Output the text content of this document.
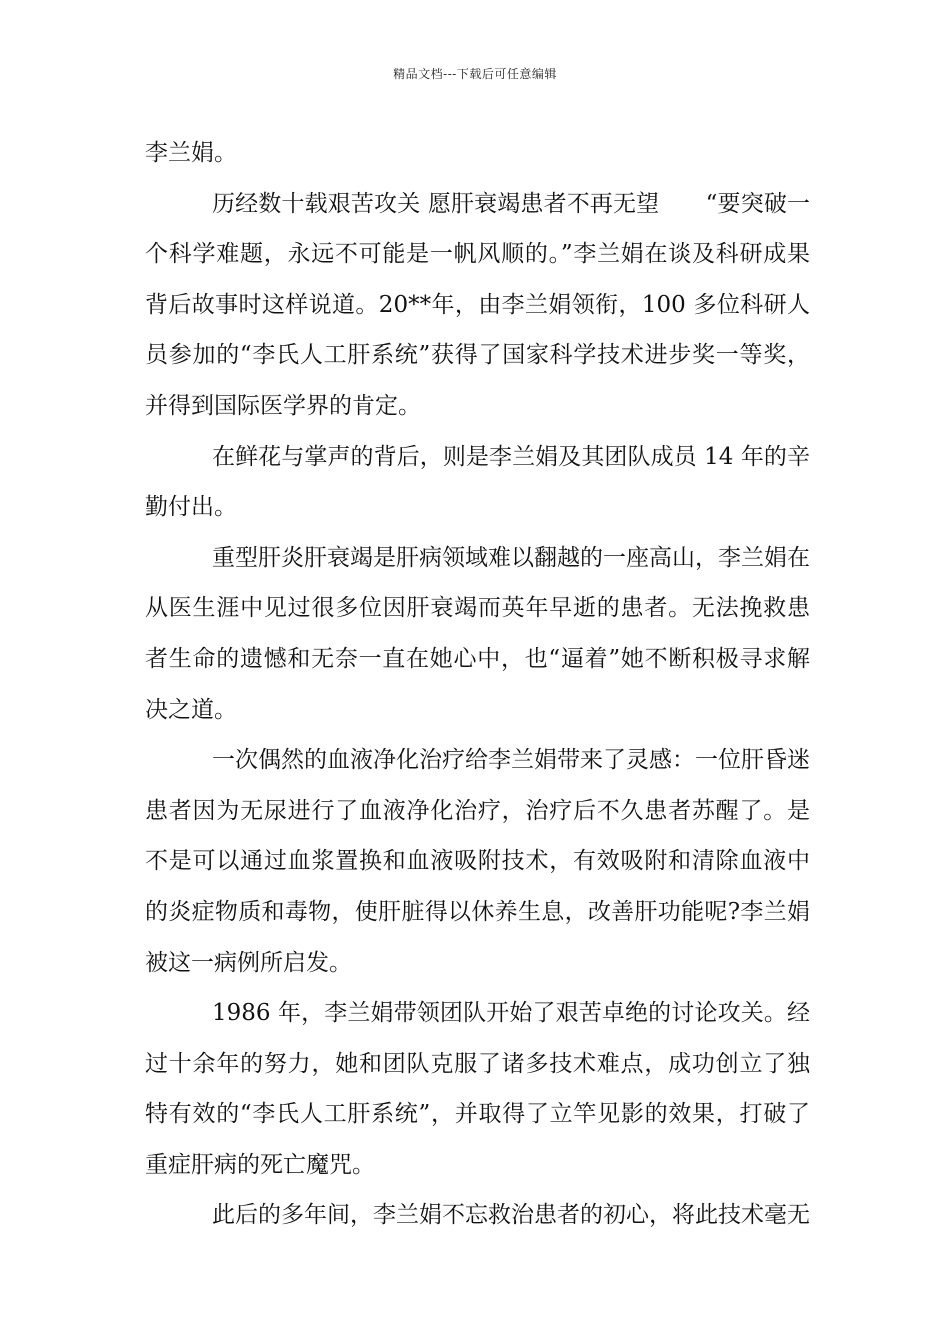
精品文档---下载后可任意编辑

李兰娟。

历经数十载艰苦攻关 愿肝衰竭患者不再无望　　“要突破一个科学难题，永远不可能是一帆风顺的。”李兰娟在谈及科研成果背后故事时这样说道。20**年，由李兰娟领衔，100 多位科研人员参加的“李氏人工肝系统”获得了国家科学技术进步奖一等奖，并得到国际医学界的肯定。

在鲜花与掌声的背后，则是李兰娟及其团队成员 14 年的辛勤付出。

重型肝炎肝衰竭是肝病领域难以翻越的一座高山，李兰娟在从医生涯中见过很多位因肝衰竭而英年早逝的患者。无法挽救患者生命的遗憾和无奈一直在她心中，也“逼着”她不断积极寻求解决之道。

一次偶然的血液净化治疗给李兰娟带来了灵感：一位肝昏迷患者因为无尿进行了血液净化治疗，治疗后不久患者苏醒了。是不是可以通过血浆置换和血液吸附技术，有效吸附和清除血液中的炎症物质和毒物，使肝脏得以休养生息，改善肝功能呢?李兰娟被这一病例所启发。

1986 年，李兰娟带领团队开始了艰苦卓绝的讨论攻关。经过十余年的努力，她和团队克服了诸多技术难点，成功创立了独特有效的“李氏人工肝系统”，并取得了立竿见影的效果，打破了重症肝病的死亡魔咒。

此后的多年间，李兰娟不忘救治患者的初心，将此技术毫无
